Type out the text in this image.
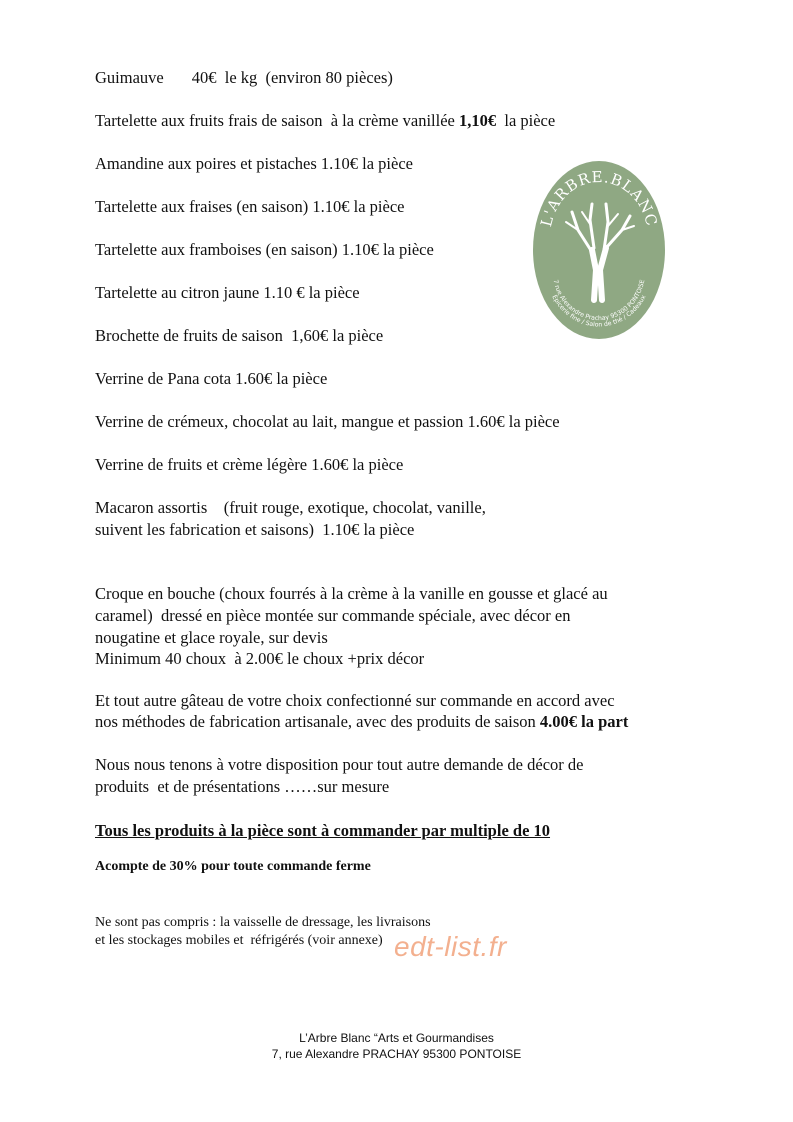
Guimauve 40€  le kg  (environ 80 pièces)
Tartelette aux fruits frais de saison  à la crème vanillée 1,10€  la pièce
Amandine aux poires et pistaches 1.10€ la pièce
Tartelette aux fraises (en saison) 1.10€ la pièce
Tartelette aux framboises (en saison) 1.10€ la pièce
Tartelette au citron jaune 1.10 € la pièce
Brochette de fruits de saison  1,60€ la pièce
Verrine de Pana cota 1.60€ la pièce
Verrine de crémeux, chocolat au lait, mangue et passion 1.60€ la pièce
Verrine de fruits et crème légère 1.60€ la pièce
Macaron assortis    (fruit rouge, exotique, chocolat, vanille,
suivent les fabrication et saisons)  1.10€ la pièce
Croque en bouche (choux fourrés à la crème à la vanille en gousse et glacé au
caramel)  dressé en pièce montée sur commande spéciale, avec décor en
nougatine et glace royale, sur devis
Minimum 40 choux  à 2.00€ le choux +prix décor
Et tout autre gâteau de votre choix confectionné sur commande en accord avec
nos méthodes de fabrication artisanale, avec des produits de saison 4.00€ la part
Nous nous tenons à votre disposition pour tout autre demande de décor de
produits  et de présentations ……sur mesure
Tous les produits à la pièce sont à commander par multiple de 10
Acompte de 30% pour toute commande ferme
Ne sont pas compris : la vaisselle de dressage, les livraisons
et les stockages mobiles et  réfrigérés (voir annexe) edt-list.fr
L’Arbre Blanc “Arts et Gourmandises
7, rue Alexandre PRACHAY 95300 PONTOISE
L'ARBRE.BLANC
Épicerie fine / Salon de thé / Cadeaux
7 rue Alexandre Prachay 95300 PONTOISE
